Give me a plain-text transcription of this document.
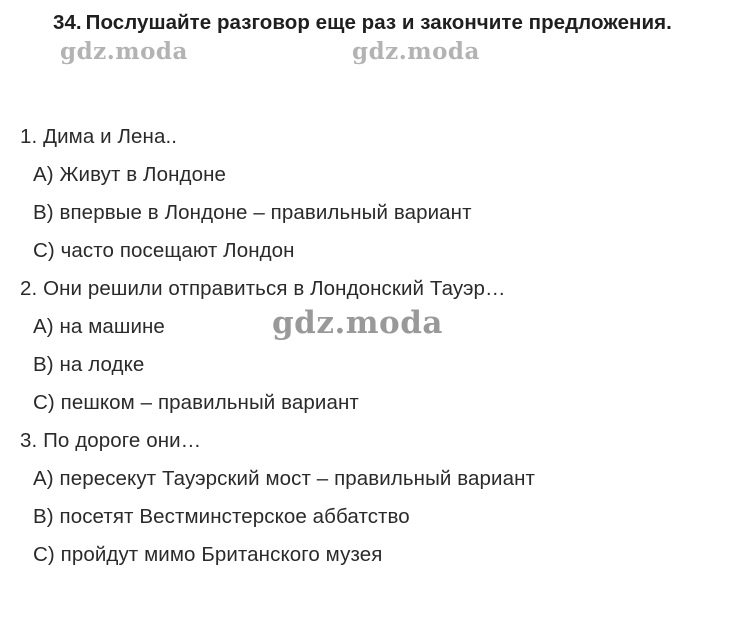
34. Послушайте разговор еще раз и закончите предложения.
gdz.moda	gdz.moda
gdz.moda
1. Дима и Лена..
A) Живут в Лондоне
B) впервые в Лондоне – правильный вариант
C) часто посещают Лондон
2. Они решили отправиться в Лондонский Тауэр…
A) на машине
B) на лодке
C) пешком – правильный вариант
3. По дороге они…
A) пересекут Тауэрский мост – правильный вариант
B) посетят Вестминстерское аббатство
C) пройдут мимо Британского музея
